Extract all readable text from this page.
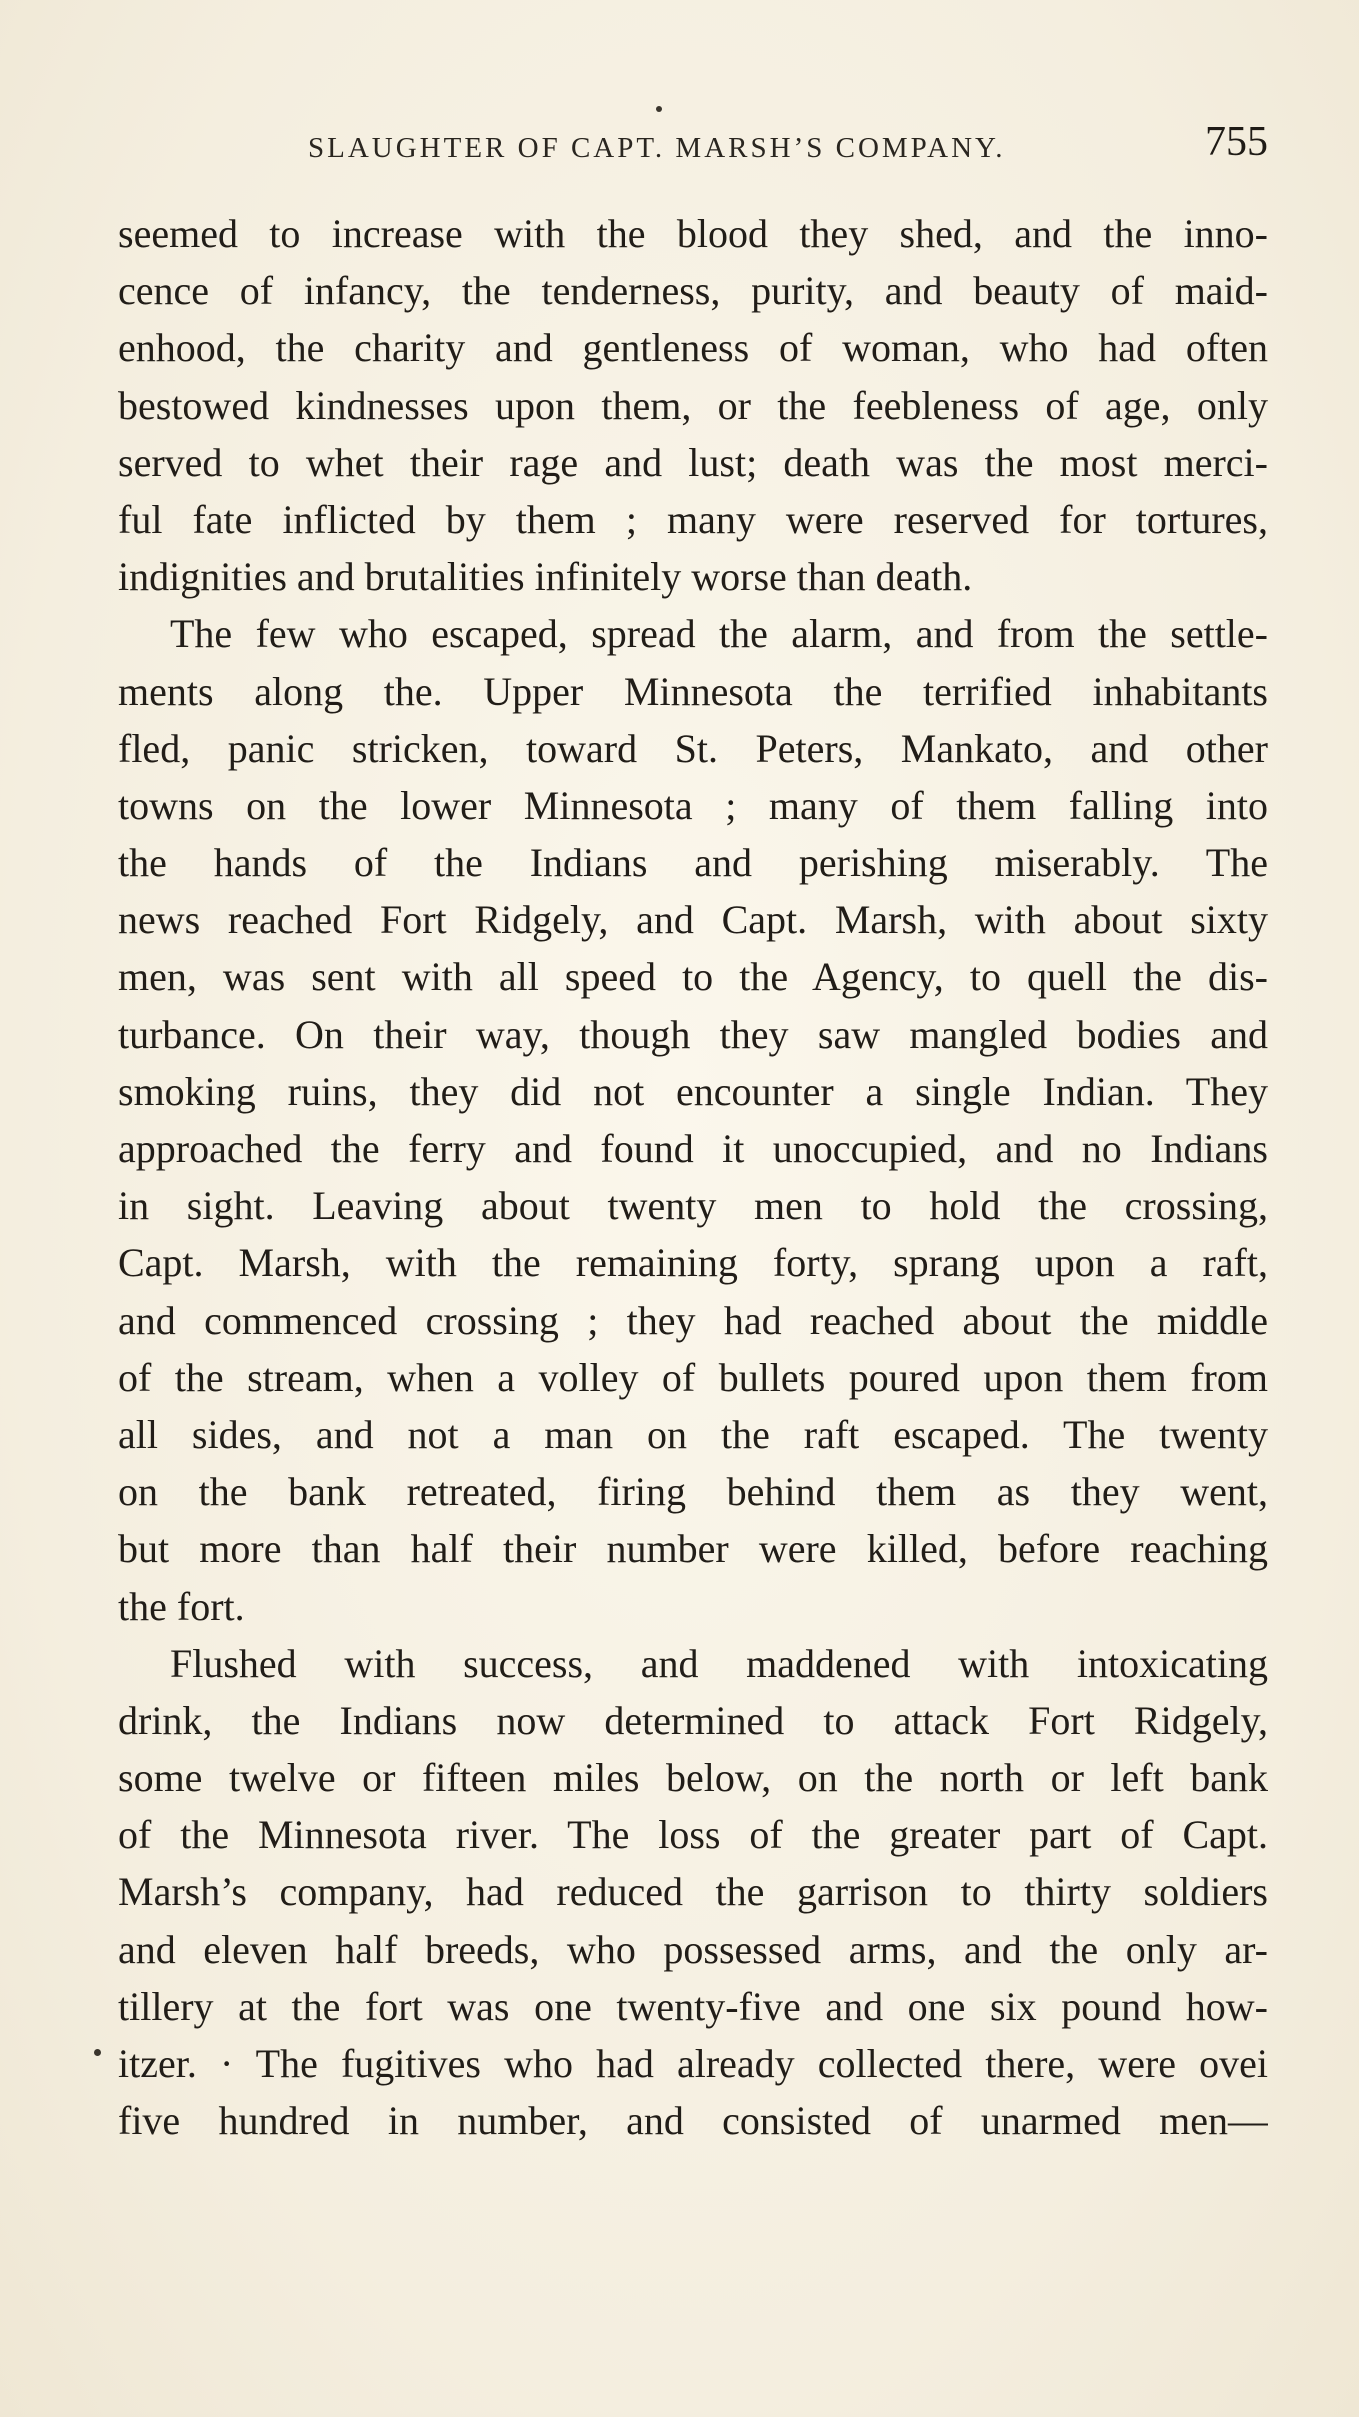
SLAUGHTER OF CAPT. MARSH’S COMPANY.	755
seemed to increase with the blood they shed, and the inno-
cence of infancy, the tenderness, purity, and beauty of maid-
enhood, the charity and gentleness of woman, who had often
bestowed kindnesses upon them, or the feebleness of age, only
served to whet their rage and lust; death was the most merci-
ful fate inflicted by them ; many were reserved for tortures,
indignities and brutalities infinitely worse than death.
The few who escaped, spread the alarm, and from the settle-
ments along the. Upper Minnesota the terrified inhabitants
fled, panic stricken, toward St. Peters, Mankato, and other
towns on the lower Minnesota ; many of them falling into
the hands of the Indians and perishing miserably. The
news reached Fort Ridgely, and Capt. Marsh, with about sixty
men, was sent with all speed to the Agency, to quell the dis-
turbance. On their way, though they saw mangled bodies and
smoking ruins, they did not encounter a single Indian. They
approached the ferry and found it unoccupied, and no Indians
in sight. Leaving about twenty men to hold the crossing,
Capt. Marsh, with the remaining forty, sprang upon a raft,
and commenced crossing ; they had reached about the middle
of the stream, when a volley of bullets poured upon them from
all sides, and not a man on the raft escaped. The twenty
on the bank retreated, firing behind them as they went,
but more than half their number were killed, before reaching
the fort.
Flushed with success, and maddened with intoxicating
drink, the Indians now determined to attack Fort Ridgely,
some twelve or fifteen miles below, on the north or left bank
of the Minnesota river. The loss of the greater part of Capt.
Marsh’s company, had reduced the garrison to thirty soldiers
and eleven half breeds, who possessed arms, and the only ar-
tillery at the fort was one twenty-five and one six pound how-
itzer. · The fugitives who had already collected there, were ovei
five hundred in number, and consisted of unarmed men—
